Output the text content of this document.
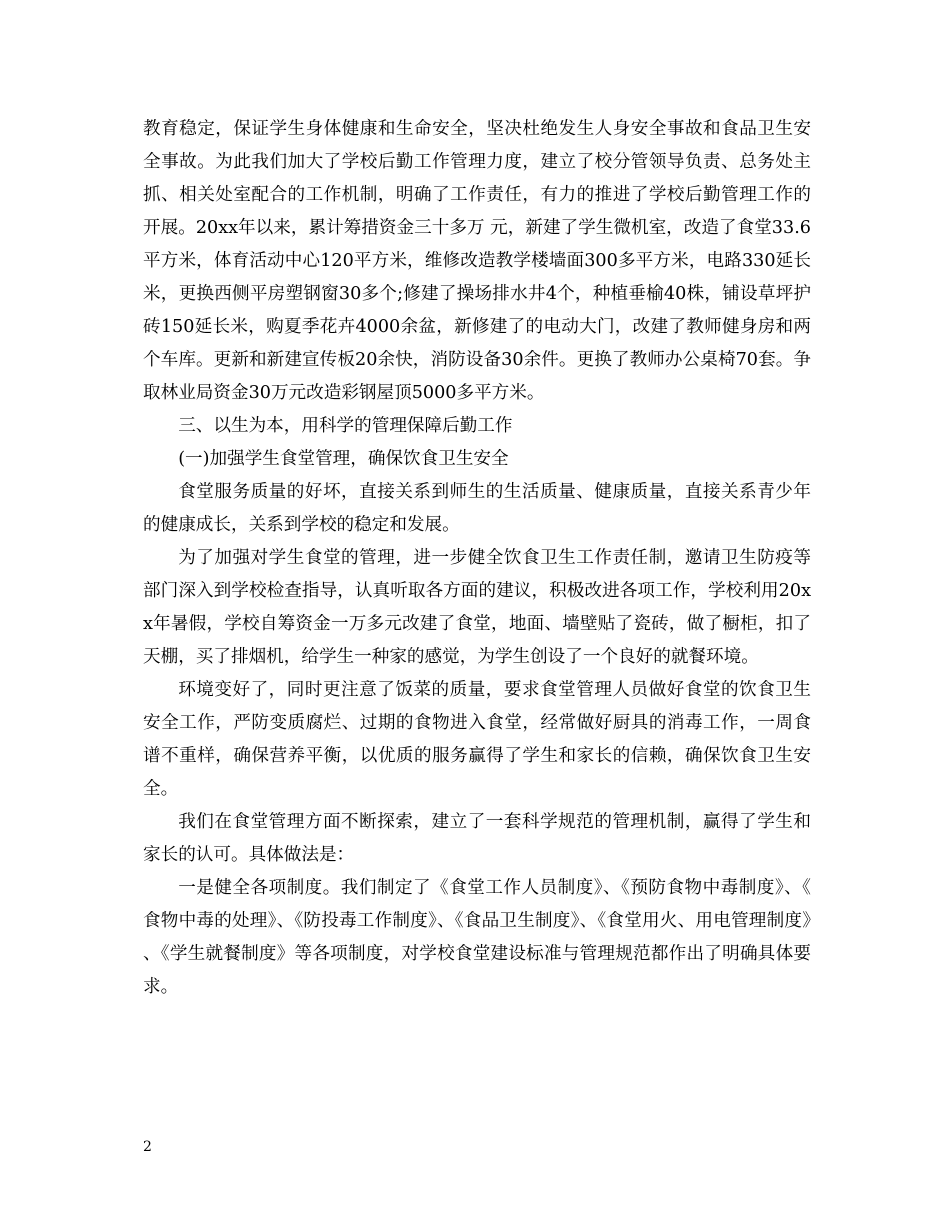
教育稳定，保证学生身体健康和生命安全，坚决杜绝发生人身安全事故和食品卫生安全事故。为此我们加大了学校后勤工作管理力度，建立了校分管领导负责、总务处主抓、相关处室配合的工作机制，明确了工作责任，有力的推进了学校后勤管理工作的开展。20xx年以来，累计筹措资金三十多万 元，新建了学生微机室，改造了食堂33.6平方米，体育活动中心120平方米，维修改造教学楼墙面300多平方米，电路330延长米，更换西侧平房塑钢窗30多个;修建了操场排水井4个，种植垂榆40株，铺设草坪护砖150延长米，购夏季花卉4000余盆，新修建了的电动大门，改建了教师健身房和两个车库。更新和新建宣传板20余快，消防设备30余件。更换了教师办公桌椅70套。争取林业局资金30万元改造彩钢屋顶5000多平方米。

三、以生为本，用科学的管理保障后勤工作

(一)加强学生食堂管理，确保饮食卫生安全

食堂服务质量的好坏，直接关系到师生的生活质量、健康质量，直接关系青少年的健康成长，关系到学校的稳定和发展。

为了加强对学生食堂的管理，进一步健全饮食卫生工作责任制，邀请卫生防疫等部门深入到学校检查指导，认真听取各方面的建议，积极改进各项工作，学校利用20xx年暑假，学校自筹资金一万多元改建了食堂，地面、墙壁贴了瓷砖，做了橱柜，扣了天棚，买了排烟机，给学生一种家的感觉，为学生创设了一个良好的就餐环境。

环境变好了，同时更注意了饭菜的质量，要求食堂管理人员做好食堂的饮食卫生安全工作，严防变质腐烂、过期的食物进入食堂，经常做好厨具的消毒工作，一周食谱不重样，确保营养平衡，以优质的服务赢得了学生和家长的信赖，确保饮食卫生安全。

我们在食堂管理方面不断探索，建立了一套科学规范的管理机制，赢得了学生和家长的认可。具体做法是：

一是健全各项制度。我们制定了《食堂工作人员制度》、《预防食物中毒制度》、《食物中毒的处理》、《防投毒工作制度》、《食品卫生制度》、《食堂用火、用电管理制度》、《学生就餐制度》等各项制度，对学校食堂建设标准与管理规范都作出了明确具体要求。

2
